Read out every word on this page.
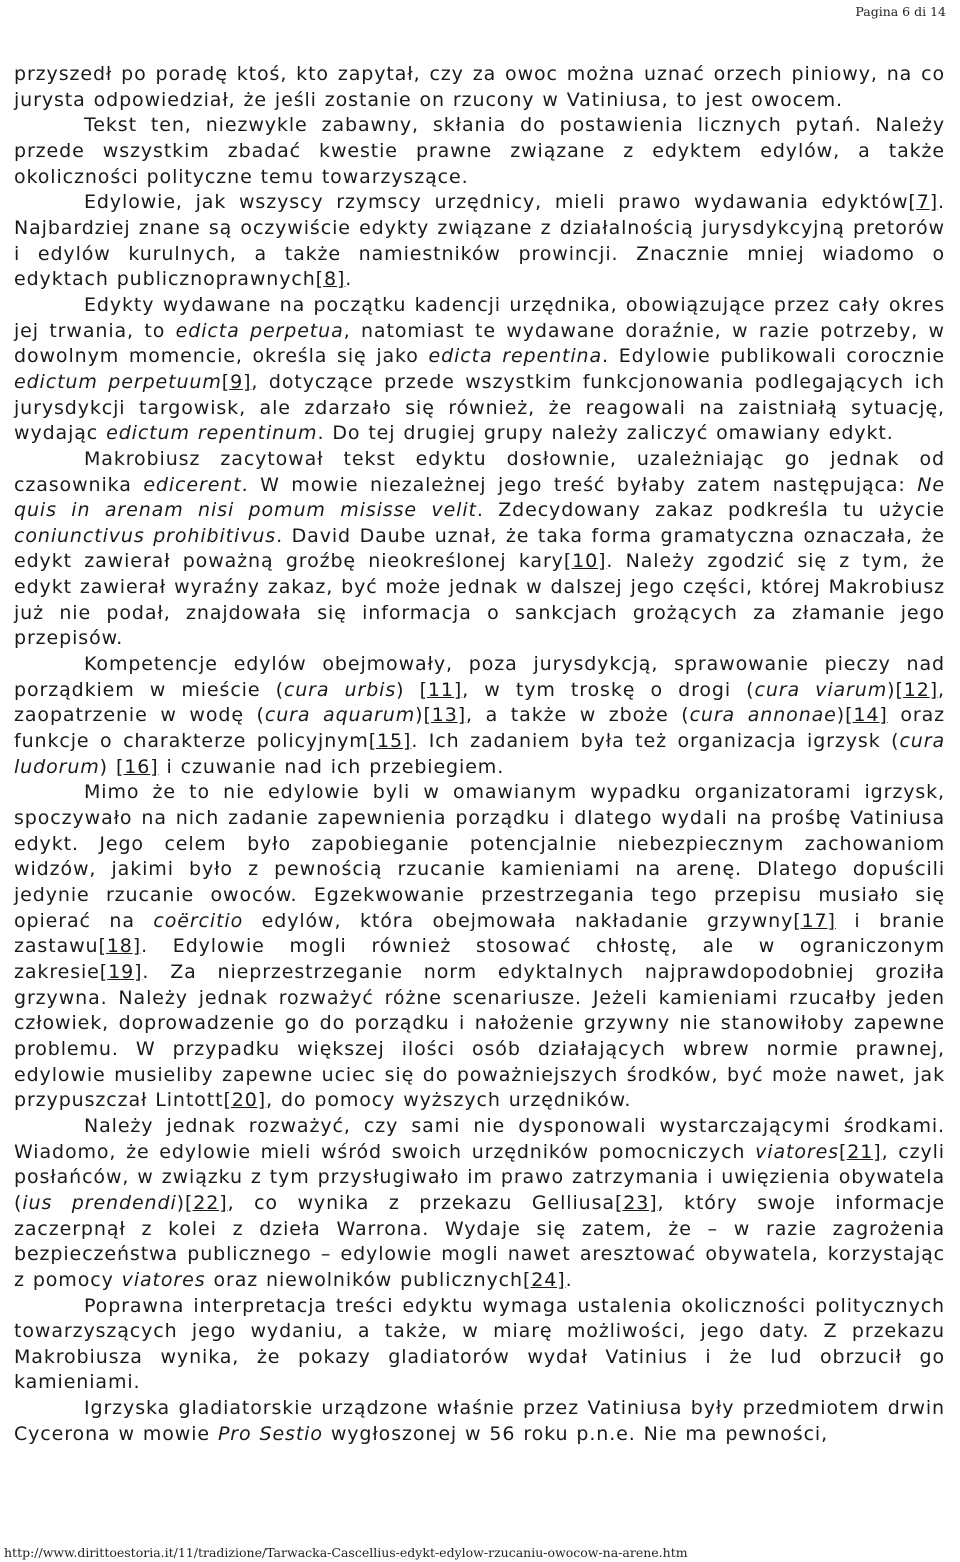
Pagina 6 di 14

przyszedł po poradę ktoś, kto zapytał, czy za owoc można uznać orzech piniowy, na co jurysta odpowiedział, że jeśli zostanie on rzucony w Vatiniusa, to jest owocem.

Tekst ten, niezwykle zabawny, skłania do postawienia licznych pytań. Należy przede wszystkim zbadać kwestie prawne związane z edyktem edylów, a także okoliczności polityczne temu towarzyszące.

Edylowie, jak wszyscy rzymscy urzędnicy, mieli prawo wydawania edyktów[7]. Najbardziej znane są oczywiście edykty związane z działalnością jurysdykcyjną pretorów i edylów kurulnych, a także namiestników prowincji. Znacznie mniej wiadomo o edyktach publicznoprawnych[8].

Edykty wydawane na początku kadencji urzędnika, obowiązujące przez cały okres jej trwania, to edicta perpetua, natomiast te wydawane doraźnie, w razie potrzeby, w dowolnym momencie, określa się jako edicta repentina. Edylowie publikowali corocznie edictum perpetuum[9], dotyczące przede wszystkim funkcjonowania podlegających ich jurysdykcji targowisk, ale zdarzało się również, że reagowali na zaistniałą sytuację, wydając edictum repentinum. Do tej drugiej grupy należy zaliczyć omawiany edykt.

Makrobiusz zacytował tekst edyktu dosłownie, uzależniając go jednak od czasownika edicerent. W mowie niezależnej jego treść byłaby zatem następująca: Ne quis in arenam nisi pomum misisse velit. Zdecydowany zakaz podkreśla tu użycie coniunctivus prohibitivus. David Daube uznał, że taka forma gramatyczna oznaczała, że edykt zawierał poważną groźbę nieokreślonej kary[10]. Należy zgodzić się z tym, że edykt zawierał wyraźny zakaz, być może jednak w dalszej jego części, której Makrobiusz już nie podał, znajdowała się informacja o sankcjach grożących za złamanie jego przepisów.

Kompetencje edylów obejmowały, poza jurysdykcją, sprawowanie pieczy nad porządkiem w mieście (cura urbis) [11], w tym troskę o drogi (cura viarum)[12], zaopatrzenie w wodę (cura aquarum)[13], a także w zboże (cura annonae)[14] oraz funkcje o charakterze policyjnym[15]. Ich zadaniem była też organizacja igrzysk (cura ludorum) [16] i czuwanie nad ich przebiegiem.

Mimo że to nie edylowie byli w omawianym wypadku organizatorami igrzysk, spoczywało na nich zadanie zapewnienia porządku i dlatego wydali na prośbę Vatiniusa edykt. Jego celem było zapobieganie potencjalnie niebezpiecznym zachowaniom widzów, jakimi było z pewnością rzucanie kamieniami na arenę. Dlatego dopuścili jedynie rzucanie owoców. Egzekwowanie przestrzegania tego przepisu musiało się opierać na coërcitio edylów, która obejmowała nakładanie grzywny[17] i branie zastawu[18]. Edylowie mogli również stosować chłostę, ale w ograniczonym zakresie[19]. Za nieprzestrzeganie norm edyktalnych najprawdopodobniej groziła grzywna. Należy jednak rozważyć różne scenariusze. Jeżeli kamieniami rzucałby jeden człowiek, doprowadzenie go do porządku i nałożenie grzywny nie stanowiłoby zapewne problemu. W przypadku większej ilości osób działających wbrew normie prawnej, edylowie musieliby zapewne uciec się do poważniejszych środków, być może nawet, jak przypuszczał Lintott[20], do pomocy wyższych urzędników.

Należy jednak rozważyć, czy sami nie dysponowali wystarczającymi środkami. Wiadomo, że edylowie mieli wśród swoich urzędników pomocniczych viatores[21], czyli posłańców, w związku z tym przysługiwało im prawo zatrzymania i uwięzienia obywatela (ius prendendi)[22], co wynika z przekazu Gelliusa[23], który swoje informacje zaczerpnął z kolei z dzieła Warrona. Wydaje się zatem, że – w razie zagrożenia bezpieczeństwa publicznego – edylowie mogli nawet aresztować obywatela, korzystając z pomocy viatores oraz niewolników publicznych[24].

Poprawna interpretacja treści edyktu wymaga ustalenia okoliczności politycznych towarzyszących jego wydaniu, a także, w miarę możliwości, jego daty. Z przekazu Makrobiusza wynika, że pokazy gladiatorów wydał Vatinius i że lud obrzucił go kamieniami.

Igrzyska gladiatorskie urządzone właśnie przez Vatiniusa były przedmiotem drwin Cycerona w mowie Pro Sestio wygłoszonej w 56 roku p.n.e. Nie ma pewności,

http://www.dirittoestoria.it/11/tradizione/Tarwacka-Cascellius-edykt-edylow-rzucaniu-owocow-na-arene.htm
